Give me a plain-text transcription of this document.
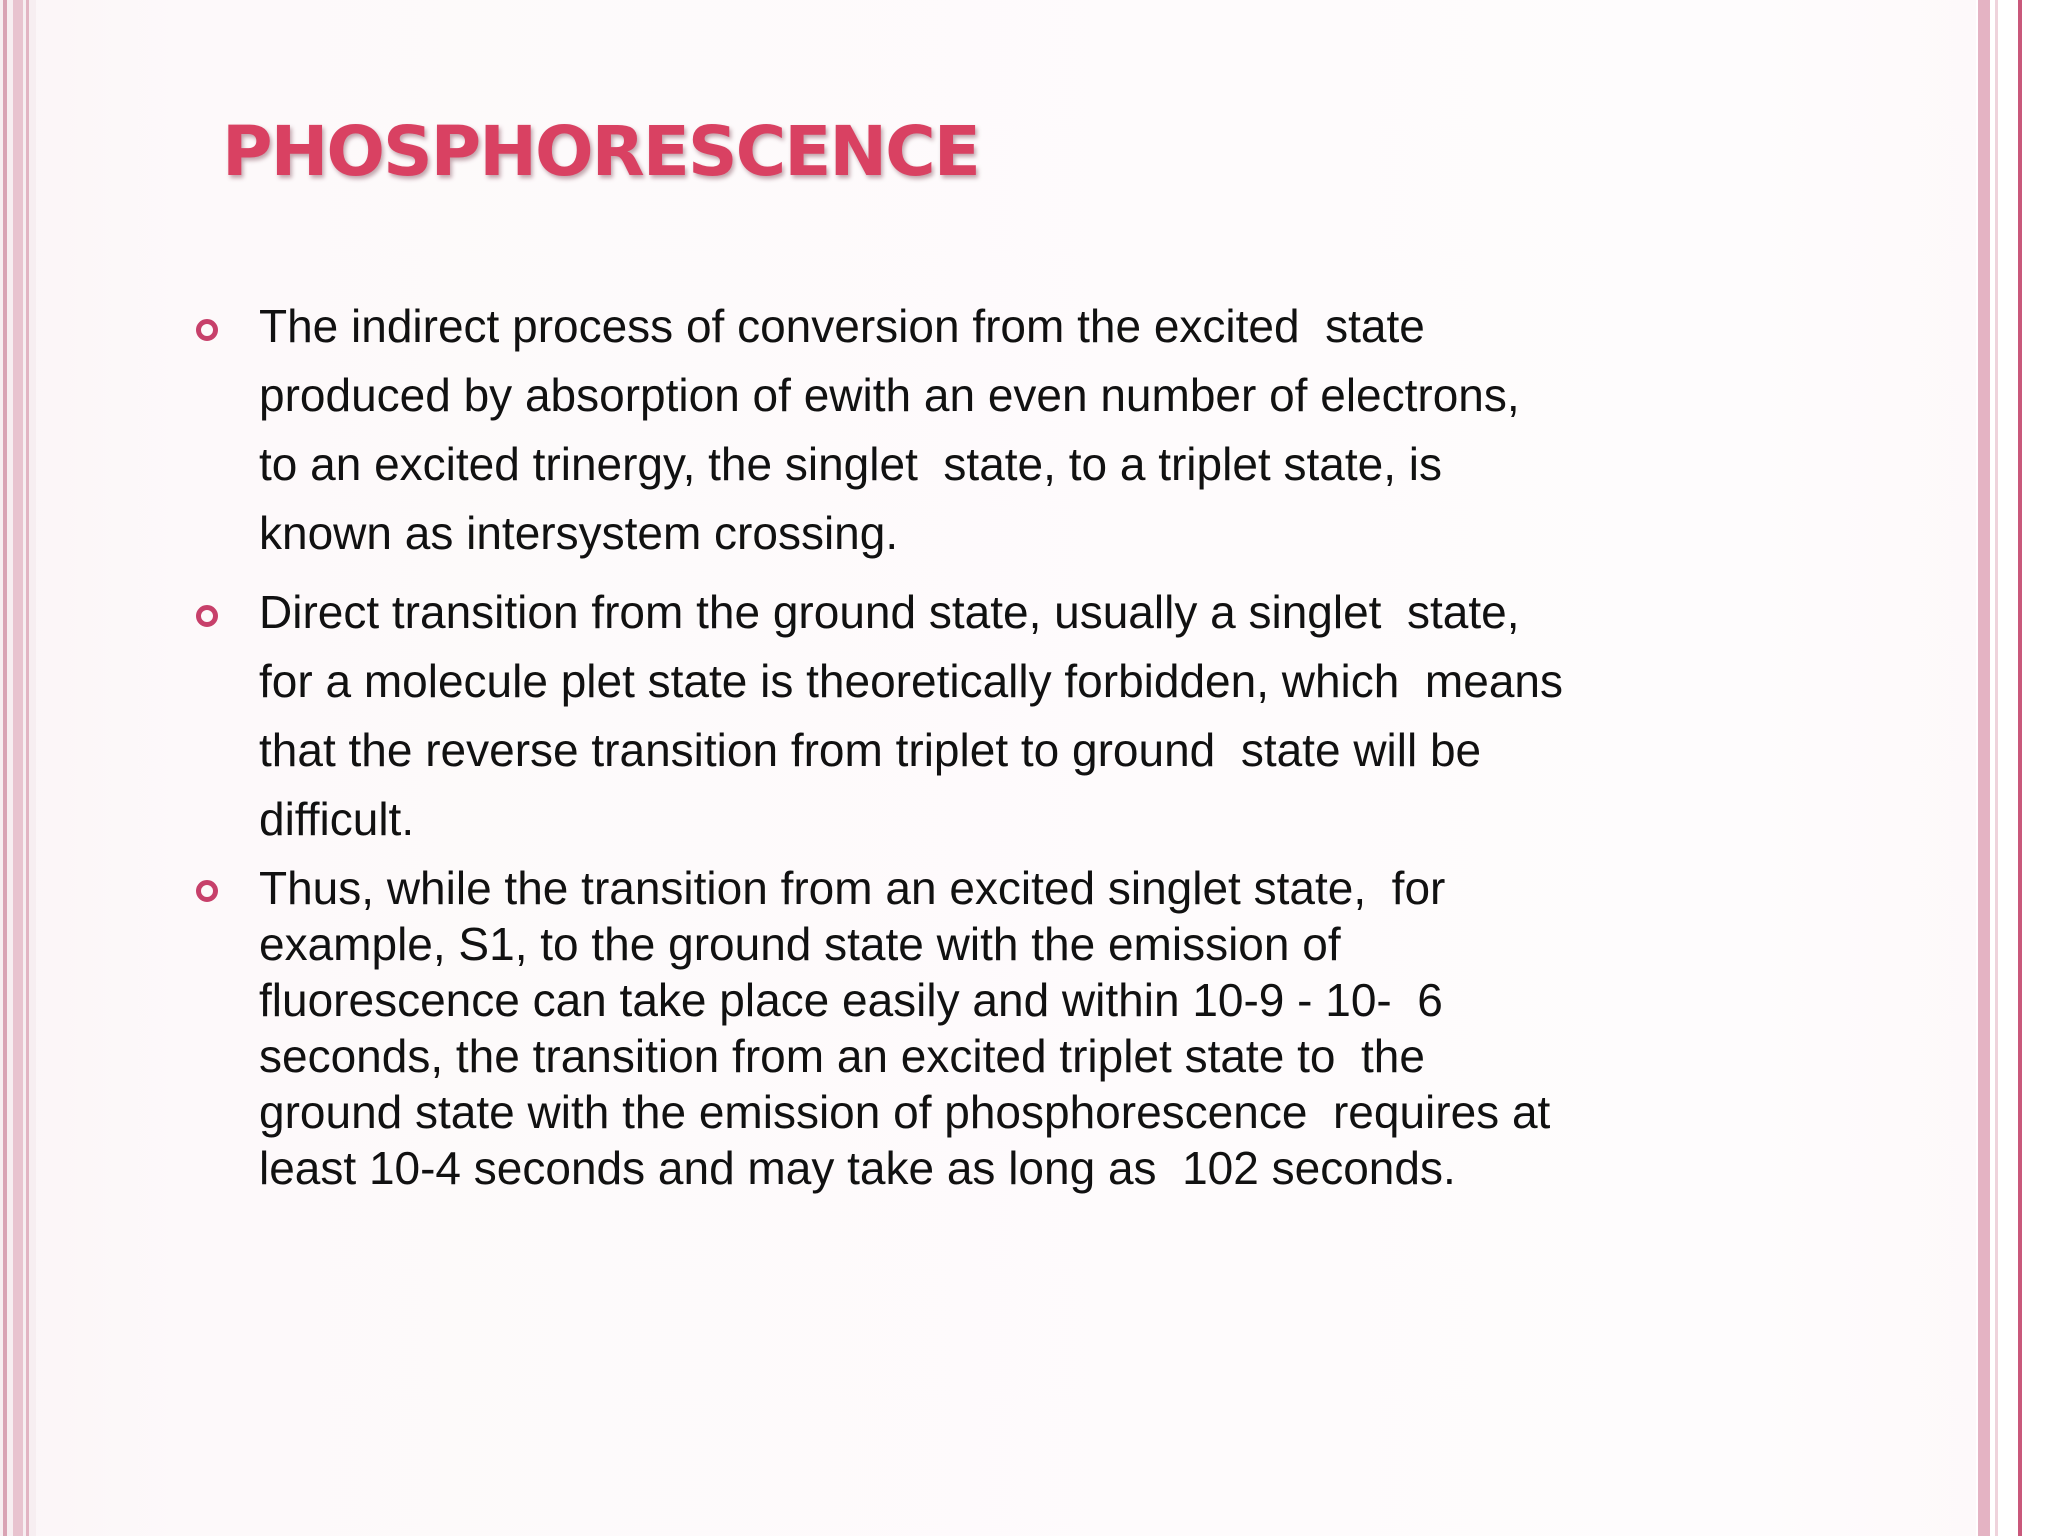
PHOSPHORESCENCE
The indirect process of conversion from the excited  state
produced by absorption of ewith an even number of electrons,
to an excited trinergy, the singlet  state, to a triplet state, is
known as intersystem crossing.
Direct transition from the ground state, usually a singlet  state,
for a molecule plet state is theoretically forbidden, which  means
that the reverse transition from triplet to ground  state will be
difficult.
Thus, while the transition from an excited singlet state,  for
example, S1, to the ground state with the emission of
fluorescence can take place easily and within 10-9 - 10-  6
seconds, the transition from an excited triplet state to  the
ground state with the emission of phosphorescence  requires at
least 10-4 seconds and may take as long as  102 seconds.
